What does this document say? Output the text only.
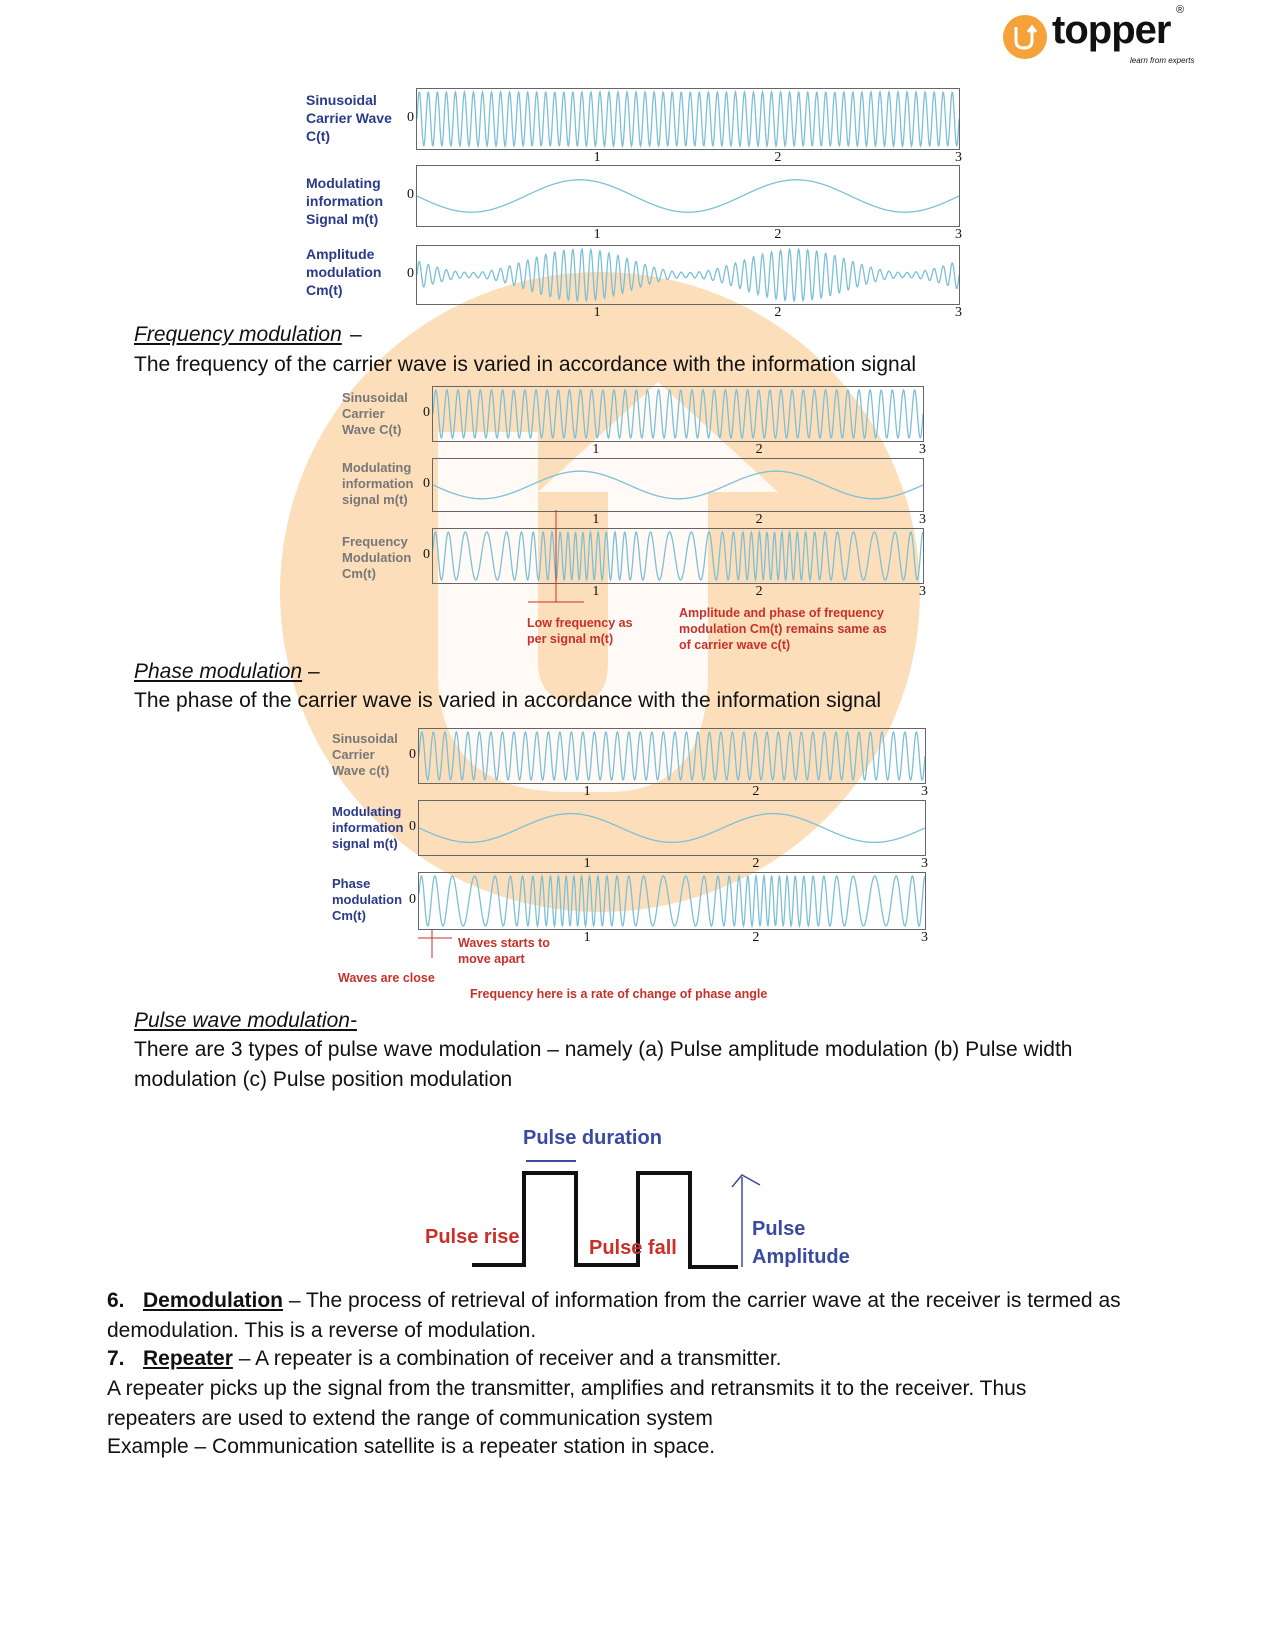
topper ®
learn from experts
Sinusoidal Carrier Wave C(t)
Modulating information Signal m(t)
Amplitude modulation Cm(t)
0
1	2	3
0
1	2	3
0
1	2	3
Frequency modulation –
The frequency of the carrier wave is varied in accordance with the information signal
Sinusoidal Carrier Wave C(t)
Modulating information signal m(t)
Frequency Modulation Cm(t)
0
1	2	3
0
1	2	3
0
1	2	3
Low frequency as per signal m(t)
Amplitude and phase of frequency modulation Cm(t) remains same as of carrier wave c(t)
Phase modulation –
The phase of the carrier wave is varied in accordance with the information signal
Sinusoidal Carrier Wave c(t)
Modulating information signal m(t)
Phase modulation Cm(t)
0
1	2	3
0
1	2	3
0
1	2	3
Waves starts to move apart
Waves are close
Frequency here is a rate of change of phase angle
Pulse wave modulation-
There are 3 types of pulse wave modulation – namely (a) Pulse amplitude modulation (b) Pulse width modulation (c) Pulse position modulation
Pulse duration
Pulse rise	Pulse fall
Pulse
Amplitude
6. Demodulation – The process of retrieval of information from the carrier wave at the receiver is termed as demodulation. This is a reverse of modulation.
7. Repeater – A repeater is a combination of receiver and a transmitter.
A repeater picks up the signal from the transmitter, amplifies and retransmits it to the receiver. Thus repeaters are used to extend the range of communication system
Example – Communication satellite is a repeater station in space.
